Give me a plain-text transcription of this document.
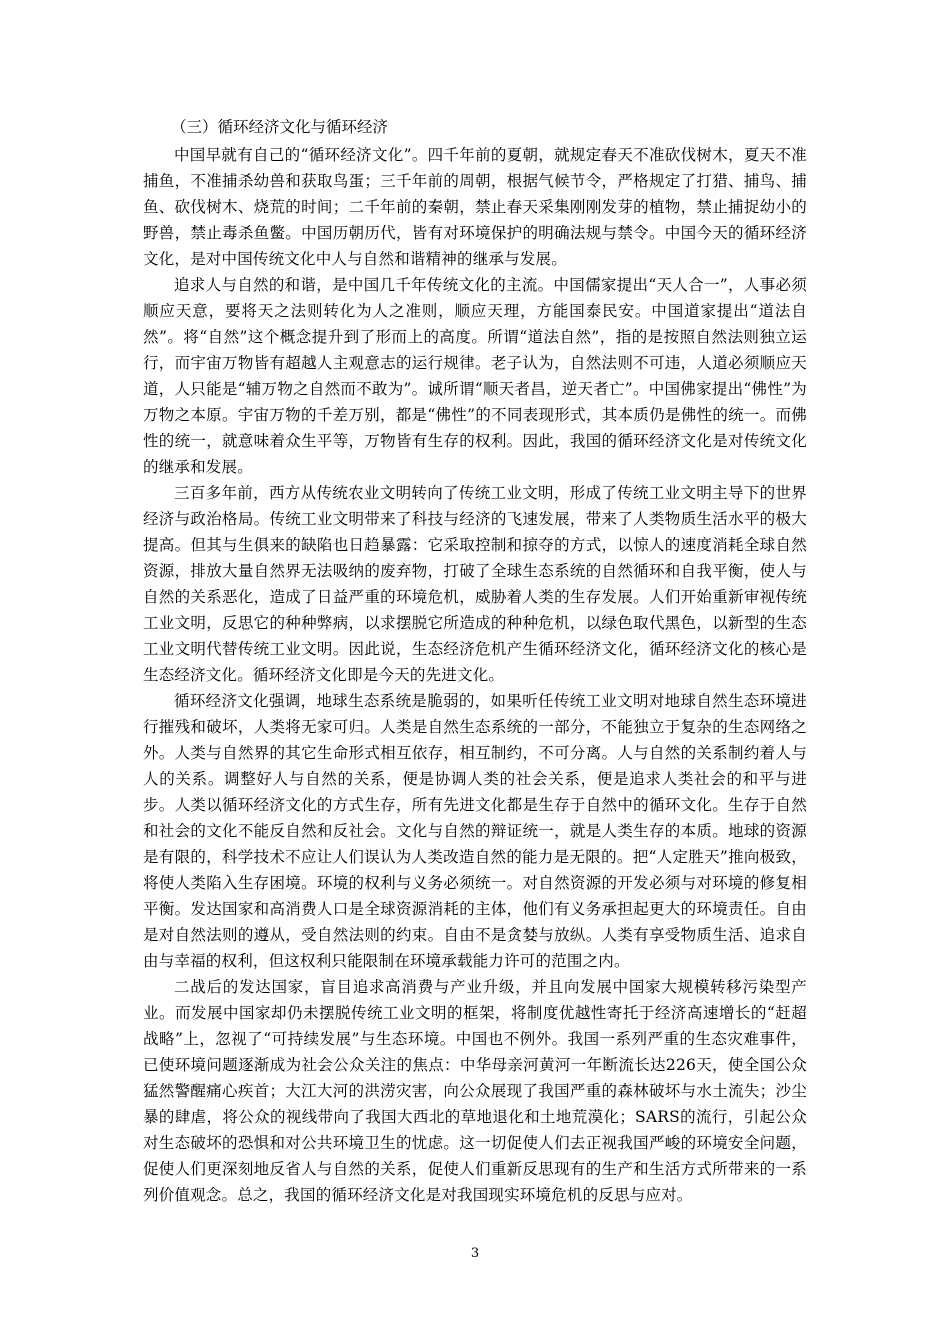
（三）循环经济文化与循环经济

中国早就有自己的“循环经济文化”。四千年前的夏朝，就规定春天不准砍伐树木，夏天不准捕鱼，不准捕杀幼兽和获取鸟蛋；三千年前的周朝，根据气候节令，严格规定了打猎、捕鸟、捕鱼、砍伐树木、烧荒的时间；二千年前的秦朝，禁止春天采集刚刚发芽的植物，禁止捕捉幼小的野兽，禁止毒杀鱼鳖。中国历朝历代，皆有对环境保护的明确法规与禁令。中国今天的循环经济文化，是对中国传统文化中人与自然和谐精神的继承与发展。

追求人与自然的和谐，是中国几千年传统文化的主流。中国儒家提出“天人合一”，人事必须顺应天意，要将天之法则转化为人之准则，顺应天理，方能国泰民安。中国道家提出“道法自然”。将“自然”这个概念提升到了形而上的高度。所谓“道法自然”，指的是按照自然法则独立运行，而宇宙万物皆有超越人主观意志的运行规律。老子认为，自然法则不可违，人道必须顺应天道，人只能是“辅万物之自然而不敢为”。诚所谓“顺天者昌，逆天者亡”。中国佛家提出“佛性”为万物之本原。宇宙万物的千差万别，都是“佛性”的不同表现形式，其本质仍是佛性的统一。而佛性的统一，就意味着众生平等，万物皆有生存的权利。因此，我国的循环经济文化是对传统文化的继承和发展。

三百多年前，西方从传统农业文明转向了传统工业文明，形成了传统工业文明主导下的世界经济与政治格局。传统工业文明带来了科技与经济的飞速发展，带来了人类物质生活水平的极大提高。但其与生俱来的缺陷也日趋暴露：它采取控制和掠夺的方式，以惊人的速度消耗全球自然资源，排放大量自然界无法吸纳的废弃物，打破了全球生态系统的自然循环和自我平衡，使人与自然的关系恶化，造成了日益严重的环境危机，威胁着人类的生存发展。人们开始重新审视传统工业文明，反思它的种种弊病，以求摆脱它所造成的种种危机，以绿色取代黑色，以新型的生态工业文明代替传统工业文明。因此说，生态经济危机产生循环经济文化，循环经济文化的核心是生态经济文化。循环经济文化即是今天的先进文化。

循环经济文化强调，地球生态系统是脆弱的，如果听任传统工业文明对地球自然生态环境进行摧残和破坏，人类将无家可归。人类是自然生态系统的一部分，不能独立于复杂的生态网络之外。人类与自然界的其它生命形式相互依存，相互制约，不可分离。人与自然的关系制约着人与人的关系。调整好人与自然的关系，便是协调人类的社会关系，便是追求人类社会的和平与进步。人类以循环经济文化的方式生存，所有先进文化都是生存于自然中的循环文化。生存于自然和社会的文化不能反自然和反社会。文化与自然的辩证统一，就是人类生存的本质。地球的资源是有限的，科学技术不应让人们误认为人类改造自然的能力是无限的。把“人定胜天”推向极致，将使人类陷入生存困境。环境的权利与义务必须统一。对自然资源的开发必须与对环境的修复相平衡。发达国家和高消费人口是全球资源消耗的主体，他们有义务承担起更大的环境责任。自由是对自然法则的遵从，受自然法则的约束。自由不是贪婪与放纵。人类有享受物质生活、追求自由与幸福的权利，但这权利只能限制在环境承载能力许可的范围之内。

二战后的发达国家，盲目追求高消费与产业升级，并且向发展中国家大规模转移污染型产业。而发展中国家却仍未摆脱传统工业文明的框架，将制度优越性寄托于经济高速增长的“赶超战略”上，忽视了“可持续发展”与生态环境。中国也不例外。我国一系列严重的生态灾难事件，已使环境问题逐渐成为社会公众关注的焦点：中华母亲河黄河一年断流长达226天，使全国公众猛然警醒痛心疾首；大江大河的洪涝灾害，向公众展现了我国严重的森林破坏与水土流失；沙尘暴的肆虐，将公众的视线带向了我国大西北的草地退化和土地荒漠化；SARS的流行，引起公众对生态破坏的恐惧和对公共环境卫生的忧虑。这一切促使人们去正视我国严峻的环境安全问题，促使人们更深刻地反省人与自然的关系，促使人们重新反思现有的生产和生活方式所带来的一系列价值观念。总之，我国的循环经济文化是对我国现实环境危机的反思与应对。

3
